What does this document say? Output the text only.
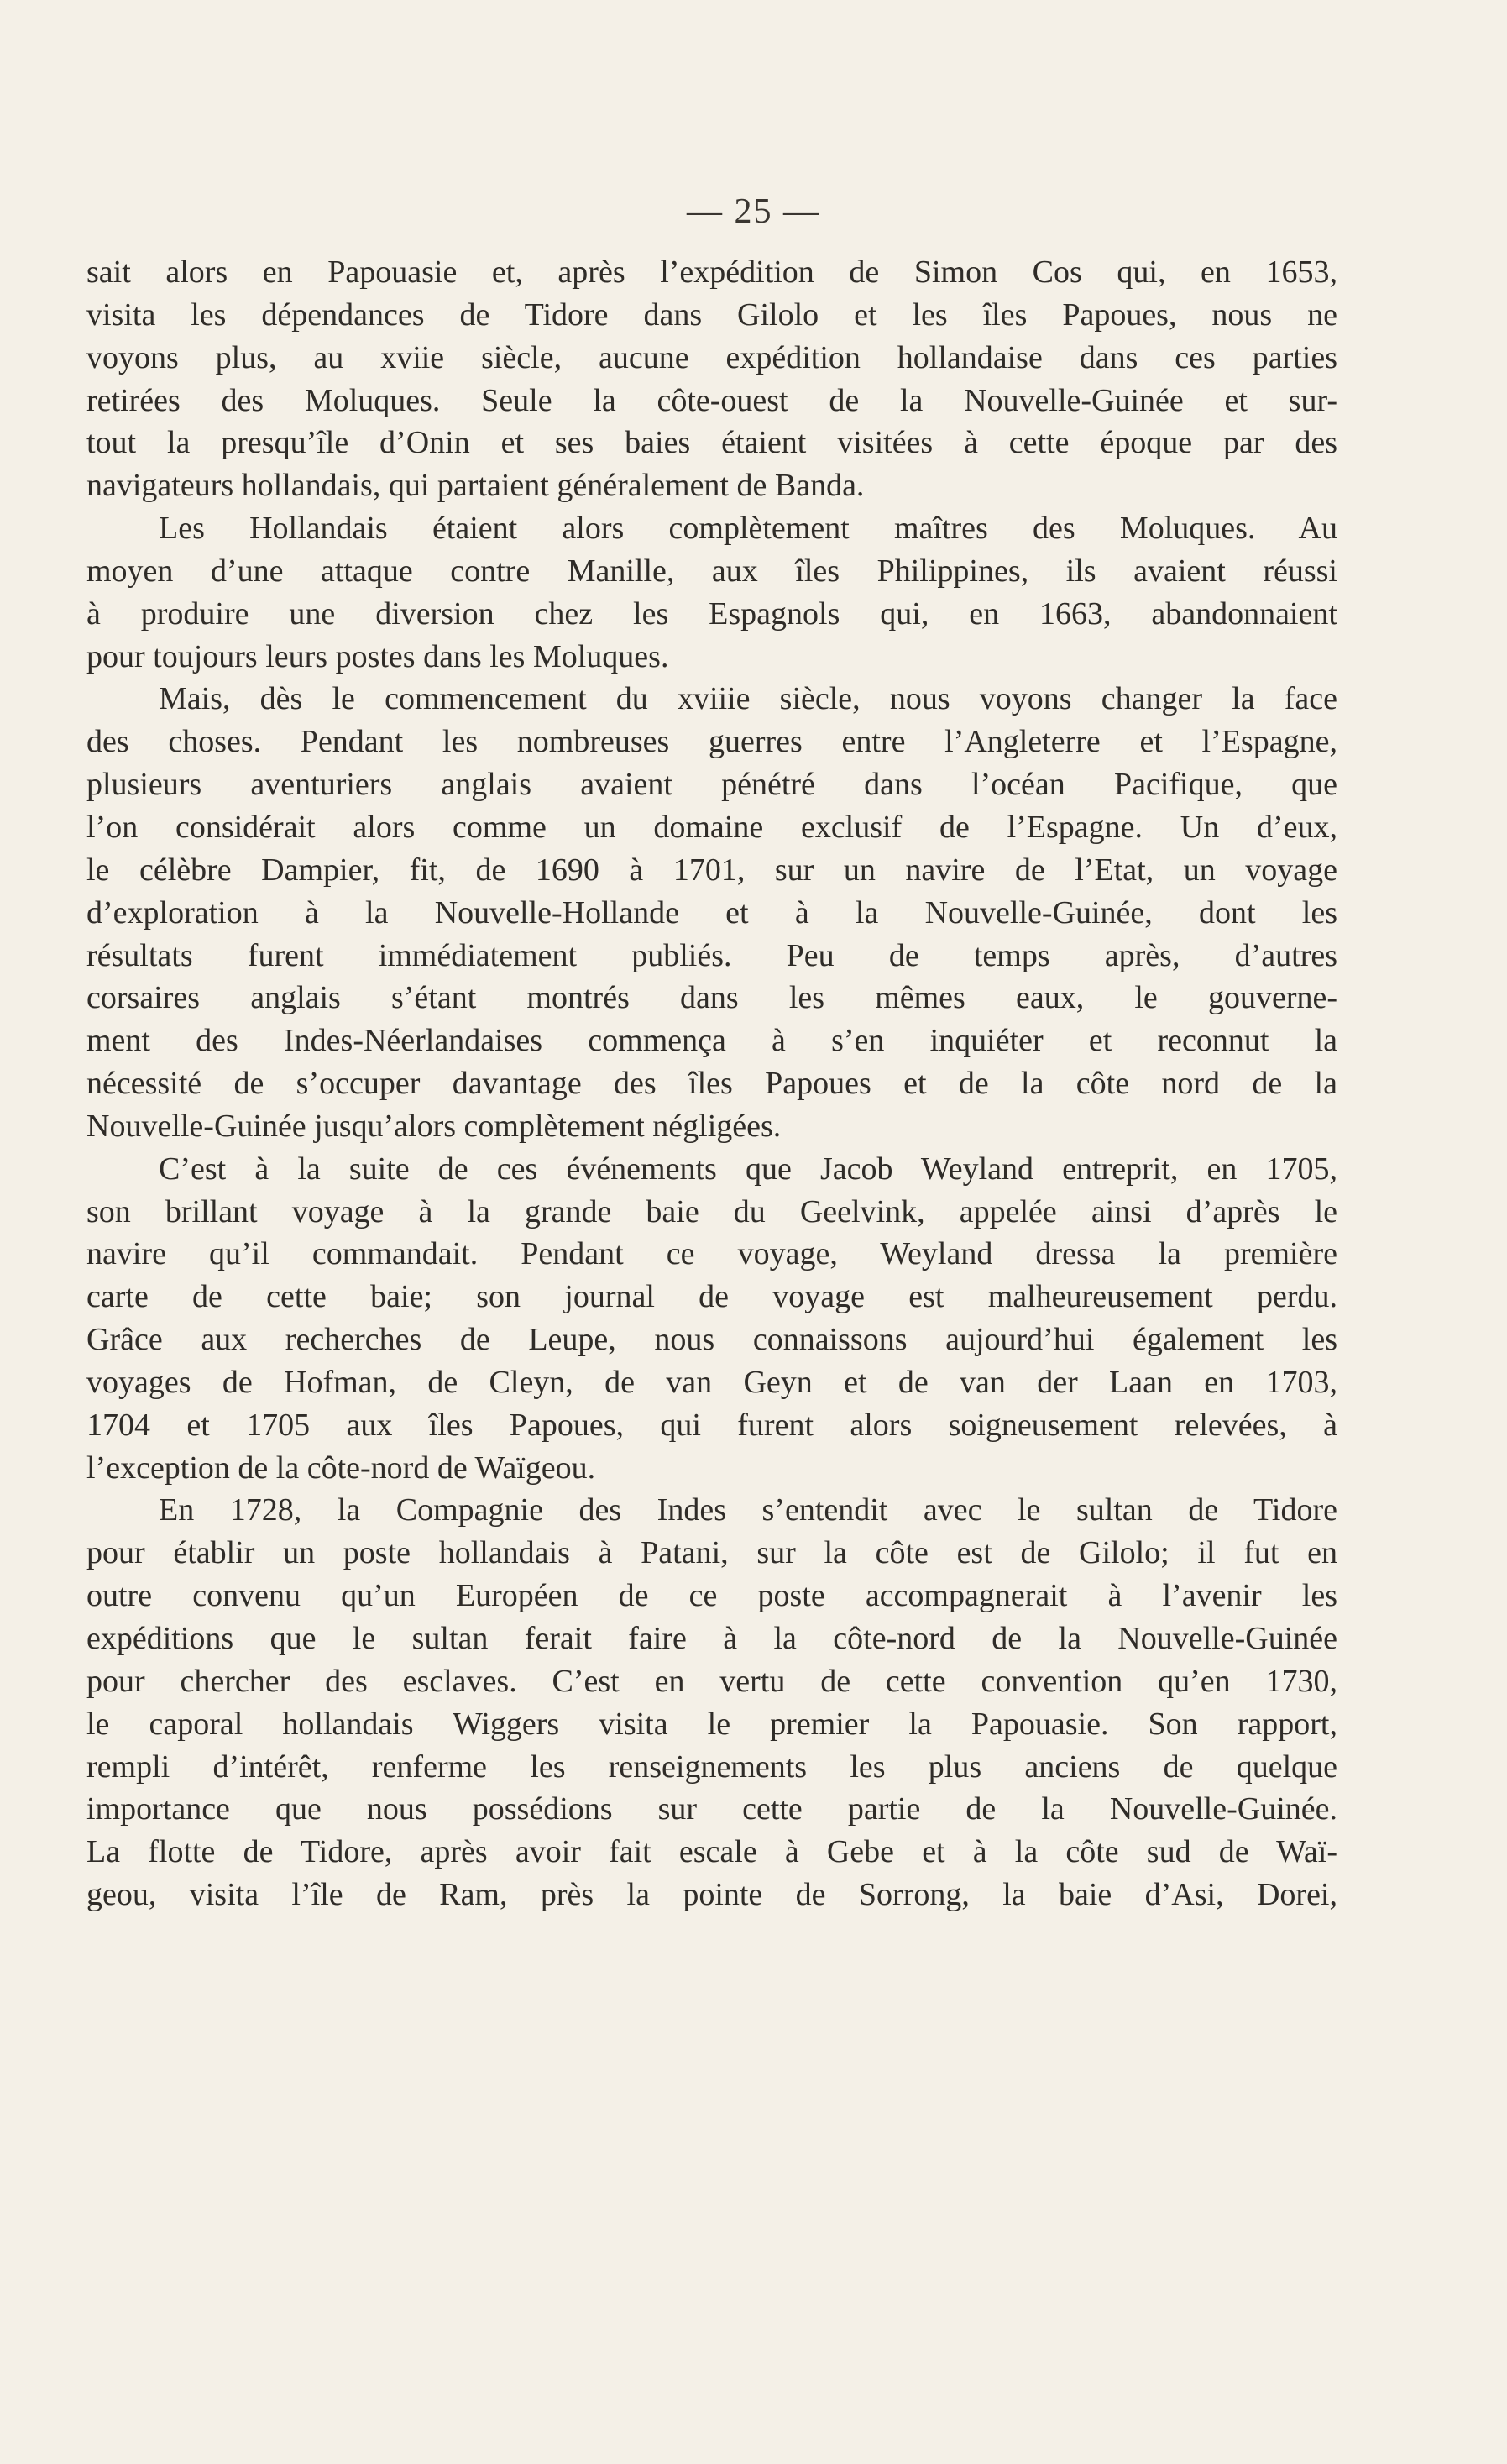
— 25 —
sait alors en Papouasie et, après l’expédition de Simon Cos qui, en 1653,
visita les dépendances de Tidore dans Gilolo et les îles Papoues, nous ne
voyons plus, au xviie siècle, aucune expédition hollandaise dans ces parties
retirées des Moluques. Seule la côte-ouest de la Nouvelle-Guinée et sur-
tout la presqu’île d’Onin et ses baies étaient visitées à cette époque par des
navigateurs hollandais, qui partaient généralement de Banda.
Les Hollandais étaient alors complètement maîtres des Moluques. Au
moyen d’une attaque contre Manille, aux îles Philippines, ils avaient réussi
à produire une diversion chez les Espagnols qui, en 1663, abandonnaient
pour toujours leurs postes dans les Moluques.
Mais, dès le commencement du xviiie siècle, nous voyons changer la face
des choses. Pendant les nombreuses guerres entre l’Angleterre et l’Espagne,
plusieurs aventuriers anglais avaient pénétré dans l’océan Pacifique, que
l’on considérait alors comme un domaine exclusif de l’Espagne. Un d’eux,
le célèbre Dampier, fit, de 1690 à 1701, sur un navire de l’Etat, un voyage
d’exploration à la Nouvelle-Hollande et à la Nouvelle-Guinée, dont les
résultats furent immédiatement publiés. Peu de temps après, d’autres
corsaires anglais s’étant montrés dans les mêmes eaux, le gouverne-
ment des Indes-Néerlandaises commença à s’en inquiéter et reconnut la
nécessité de s’occuper davantage des îles Papoues et de la côte nord de la
Nouvelle-Guinée jusqu’alors complètement négligées.
C’est à la suite de ces événements que Jacob Weyland entreprit, en 1705,
son brillant voyage à la grande baie du Geelvink, appelée ainsi d’après le
navire qu’il commandait. Pendant ce voyage, Weyland dressa la première
carte de cette baie; son journal de voyage est malheureusement perdu.
Grâce aux recherches de Leupe, nous connaissons aujourd’hui également les
voyages de Hofman, de Cleyn, de van Geyn et de van der Laan en 1703,
1704 et 1705 aux îles Papoues, qui furent alors soigneusement relevées, à
l’exception de la côte-nord de Waïgeou.
En 1728, la Compagnie des Indes s’entendit avec le sultan de Tidore
pour établir un poste hollandais à Patani, sur la côte est de Gilolo; il fut en
outre convenu qu’un Européen de ce poste accompagnerait à l’avenir les
expéditions que le sultan ferait faire à la côte-nord de la Nouvelle-Guinée
pour chercher des esclaves. C’est en vertu de cette convention qu’en 1730,
le caporal hollandais Wiggers visita le premier la Papouasie. Son rapport,
rempli d’intérêt, renferme les renseignements les plus anciens de quelque
importance que nous possédions sur cette partie de la Nouvelle-Guinée.
La flotte de Tidore, après avoir fait escale à Gebe et à la côte sud de Waï-
geou, visita l’île de Ram, près la pointe de Sorrong, la baie d’Asi, Dorei,
